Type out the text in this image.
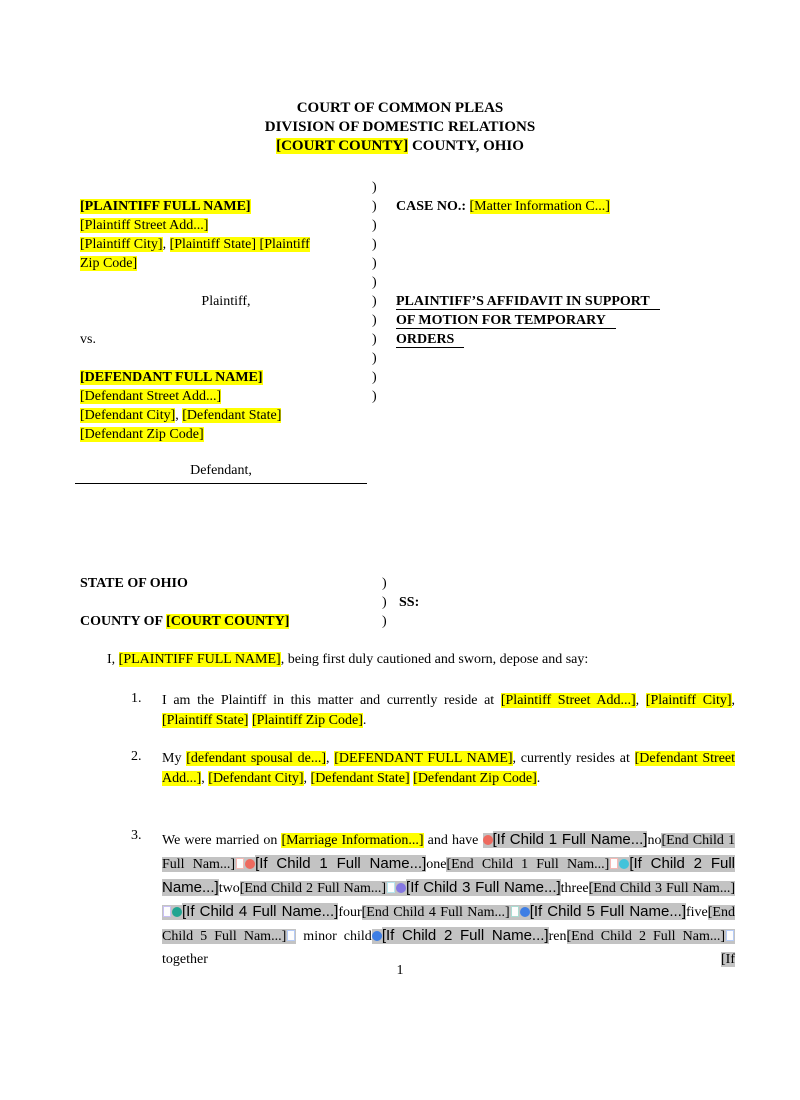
COURT OF COMMON PLEAS
DIVISION OF DOMESTIC RELATIONS
[COURT COUNTY] COUNTY, OHIO
[PLAINTIFF FULL NAME]
[Plaintiff Street Add...]
[Plaintiff City], [Plaintiff State] [Plaintiff
Zip Code]
Plaintiff,
vs.
[DEFENDANT FULL NAME]
[Defendant Street Add...]
[Defendant City], [Defendant State]
[Defendant Zip Code]
Defendant,
)
)
)
)
)
)
)
)
)
)
)
)
CASE NO.: [Matter Information C...]
PLAINTIFF’S AFFIDAVIT IN SUPPORT
OF MOTION FOR TEMPORARY
ORDERS
STATE OF OHIO
COUNTY OF [COURT COUNTY]
)
)
)
SS:
I, [PLAINTIFF FULL NAME], being first duly cautioned and sworn, depose and say:
1. I am the Plaintiff in this matter and currently reside at [Plaintiff Street Add...], [Plaintiff City], [Plaintiff State] [Plaintiff Zip Code].
2. My [defendant spousal de...], [DEFENDANT FULL NAME], currently resides at [Defendant Street Add...], [Defendant City], [Defendant State] [Defendant Zip Code].
3. We were married on [Marriage Information...] and have [If Child 1 Full Name...]no[End Child 1 Full Nam...] [If Child 1 Full Name...]one[End Child 1 Full Nam...] [If Child 2 Full Name...]two[End Child 2 Full Nam...] [If Child 3 Full Name...]three[End Child 3 Full Nam...][If Child 4 Full Name...]four[End Child 4 Full Nam...] [If Child 5 Full Name...]five[End Child 5 Full Nam...] minor child [If Child 2 Full Name...]ren[End Child 2 Full Nam...] together [If
1
